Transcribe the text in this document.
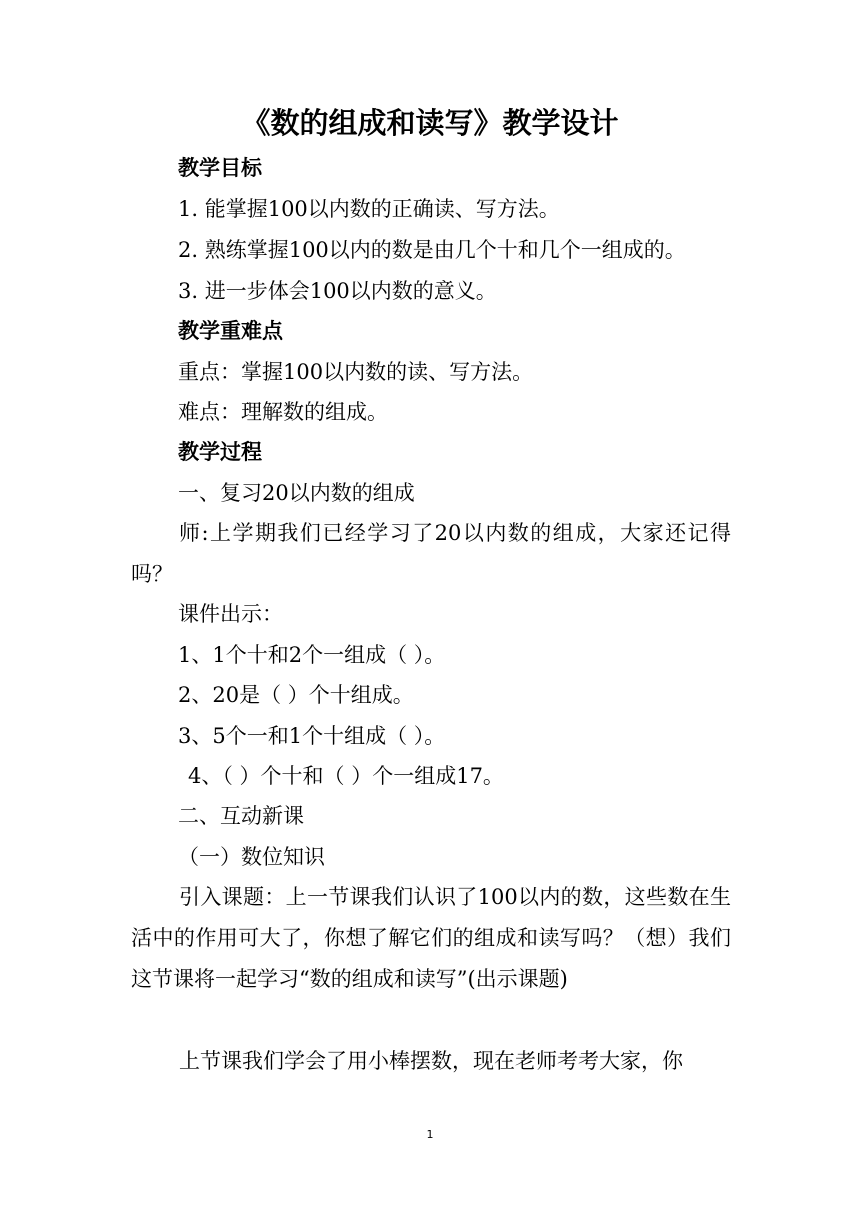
《数的组成和读写》教学设计
教学目标
1. 能掌握100以内数的正确读、写方法。
2. 熟练掌握100以内的数是由几个十和几个一组成的。
3. 进一步体会100以内数的意义。
教学重难点
重点：掌握100以内数的读、写方法。
难点：理解数的组成。
教学过程
一、复习20以内数的组成
师:上学期我们已经学习了20以内数的组成，大家还记得吗？
课件出示：
1、1个十和2个一组成（ ）。
2、20是（ ）个十组成。
3、5个一和1个十组成（ ）。
4、（ ）个十和（ ）个一组成17。
二、互动新课
（一）数位知识
引入课题：上一节课我们认识了100以内的数，这些数在生活中的作用可大了，你想了解它们的组成和读写吗？（想）我们这节课将一起学习“数的组成和读写”(出示课题)
上节课我们学会了用小棒摆数，现在老师考考大家，你
1
